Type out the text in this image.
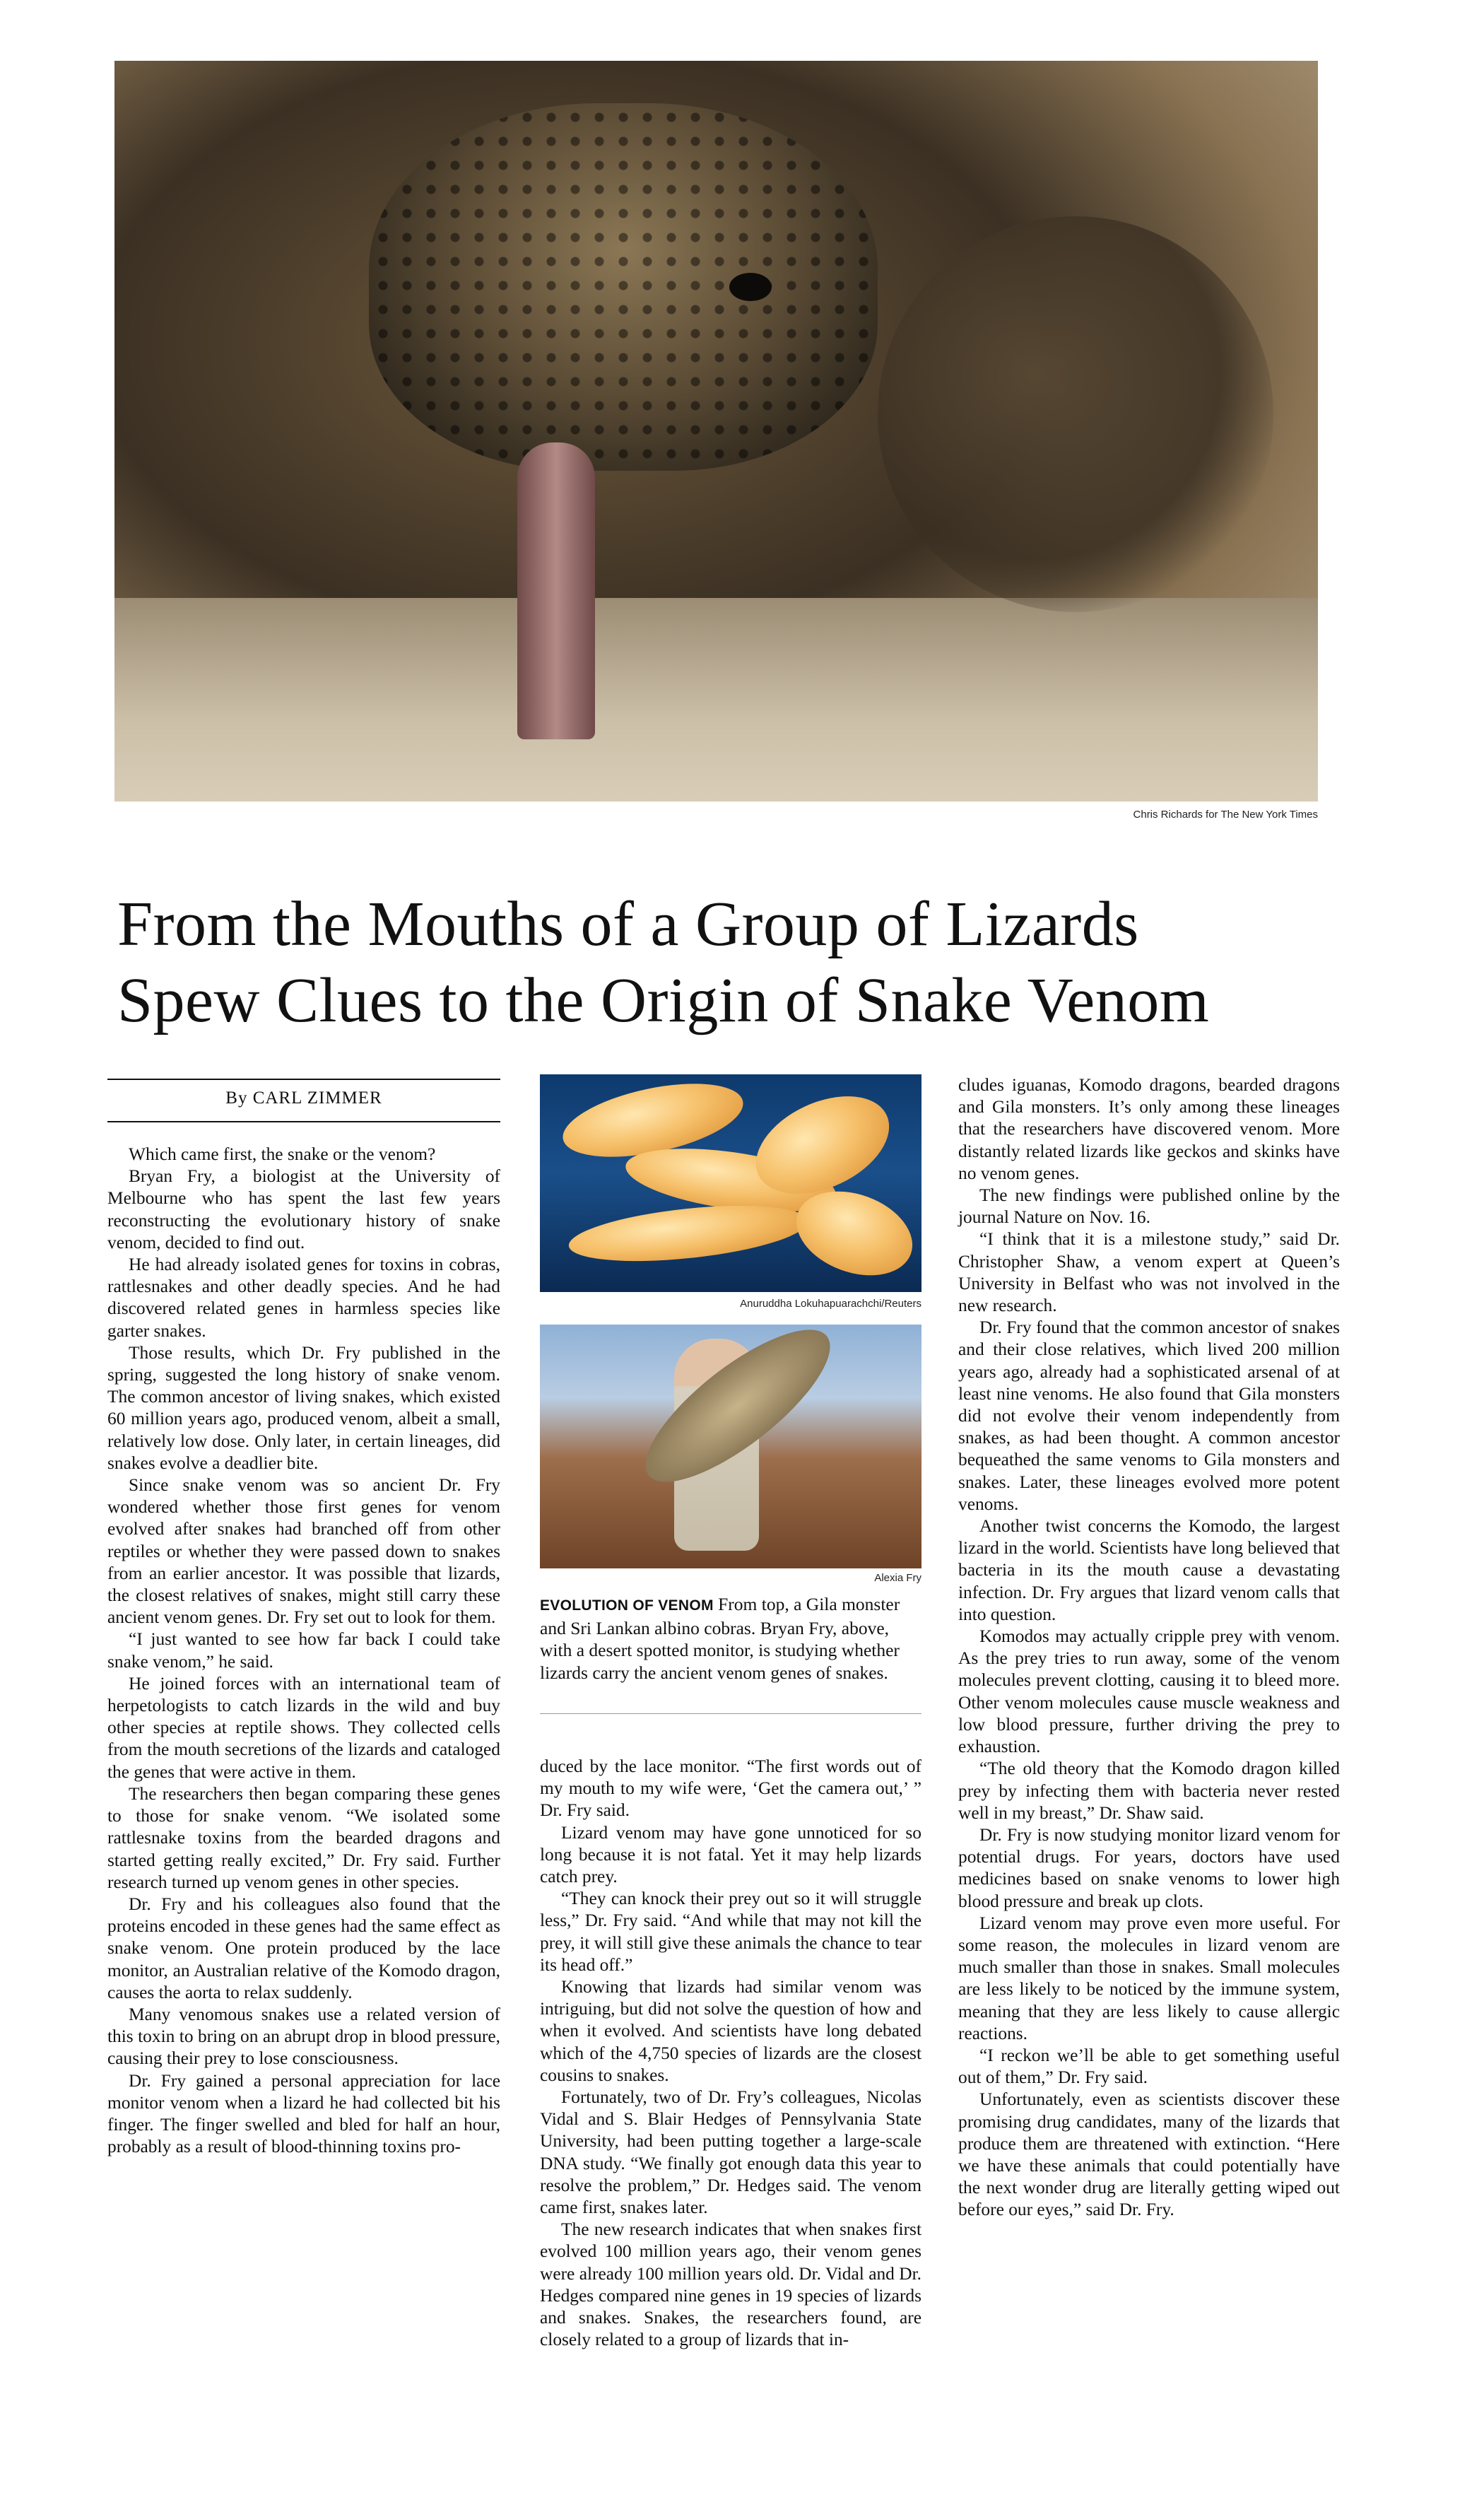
Chris Richards for The New York Times
From the Mouths of a Group of Lizards
Spew Clues to the Origin of Snake Venom
By CARL ZIMMER

Which came first, the snake or the venom?

Bryan Fry, a biologist at the University of Melbourne who has spent the last few years reconstructing the evolutionary history of snake venom, decided to find out.

He had already isolated genes for toxins in cobras, rattlesnakes and other deadly species. And he had discovered related genes in harmless species like garter snakes.

Those results, which Dr. Fry published in the spring, suggested the long history of snake venom. The common ancestor of living snakes, which existed 60 million years ago, produced venom, albeit a small, relatively low dose. Only later, in certain lineages, did snakes evolve a deadlier bite.

Since snake venom was so ancient Dr. Fry wondered whether those first genes for venom evolved after snakes had branched off from other reptiles or whether they were passed down to snakes from an earlier ancestor. It was possible that lizards, the closest relatives of snakes, might still carry these ancient venom genes. Dr. Fry set out to look for them.

“I just wanted to see how far back I could take snake venom,” he said.

He joined forces with an international team of herpetologists to catch lizards in the wild and buy other species at reptile shows. They collected cells from the mouth secretions of the lizards and cataloged the genes that were active in them.

The researchers then began comparing these genes to those for snake venom. “We isolated some rattlesnake toxins from the bearded dragons and started getting really excited,” Dr. Fry said. Further research turned up venom genes in other species.

Dr. Fry and his colleagues also found that the proteins encoded in these genes had the same effect as snake venom. One protein produced by the lace monitor, an Australian relative of the Komodo dragon, causes the aorta to relax suddenly.

Many venomous snakes use a related version of this toxin to bring on an abrupt drop in blood pressure, causing their prey to lose consciousness.

Dr. Fry gained a personal appreciation for lace monitor venom when a lizard he had collected bit his finger. The finger swelled and bled for half an hour, probably as a result of blood-thinning toxins pro-

Anuruddha Lokuhapuarachchi/Reuters
Alexia Fry
EVOLUTION OF VENOM From top, a Gila monster and Sri Lankan albino cobras. Bryan Fry, above, with a desert spotted monitor, is studying whether lizards carry the ancient venom genes of snakes.

duced by the lace monitor. “The first words out of my mouth to my wife were, ‘Get the camera out,’ ” Dr. Fry said.

Lizard venom may have gone unnoticed for so long because it is not fatal. Yet it may help lizards catch prey.

“They can knock their prey out so it will struggle less,” Dr. Fry said. “And while that may not kill the prey, it will still give these animals the chance to tear its head off.”

Knowing that lizards had similar venom was intriguing, but did not solve the question of how and when it evolved. And scientists have long debated which of the 4,750 species of lizards are the closest cousins to snakes.

Fortunately, two of Dr. Fry’s colleagues, Nicolas Vidal and S. Blair Hedges of Pennsylvania State University, had been putting together a large-scale DNA study. “We finally got enough data this year to resolve the problem,” Dr. Hedges said. The venom came first, snakes later.

The new research indicates that when snakes first evolved 100 million years ago, their venom genes were already 100 million years old. Dr. Vidal and Dr. Hedges compared nine genes in 19 species of lizards and snakes. Snakes, the researchers found, are closely related to a group of lizards that in-

cludes iguanas, Komodo dragons, bearded dragons and Gila monsters. It’s only among these lineages that the researchers have discovered venom. More distantly related lizards like geckos and skinks have no venom genes.

The new findings were published online by the journal Nature on Nov. 16.

“I think that it is a milestone study,” said Dr. Christopher Shaw, a venom expert at Queen’s University in Belfast who was not involved in the new research.

Dr. Fry found that the common ancestor of snakes and their close relatives, which lived 200 million years ago, already had a sophisticated arsenal of at least nine venoms. He also found that Gila monsters did not evolve their venom independently from snakes, as had been thought. A common ancestor bequeathed the same venoms to Gila monsters and snakes. Later, these lineages evolved more potent venoms.

Another twist concerns the Komodo, the largest lizard in the world. Scientists have long believed that bacteria in its the mouth cause a devastating infection. Dr. Fry argues that lizard venom calls that into question.

Komodos may actually cripple prey with venom. As the prey tries to run away, some of the venom molecules prevent clotting, causing it to bleed more. Other venom molecules cause muscle weakness and low blood pressure, further driving the prey to exhaustion.

“The old theory that the Komodo dragon killed prey by infecting them with bacteria never rested well in my breast,” Dr. Shaw said.

Dr. Fry is now studying monitor lizard venom for potential drugs. For years, doctors have used medicines based on snake venoms to lower high blood pressure and break up clots.

Lizard venom may prove even more useful. For some reason, the molecules in lizard venom are much smaller than those in snakes. Small molecules are less likely to be noticed by the immune system, meaning that they are less likely to cause allergic reactions.

“I reckon we’ll be able to get something useful out of them,” Dr. Fry said.

Unfortunately, even as scientists discover these promising drug candidates, many of the lizards that produce them are threatened with extinction. “Here we have these animals that could potentially have the next wonder drug are literally getting wiped out before our eyes,” said Dr. Fry.
